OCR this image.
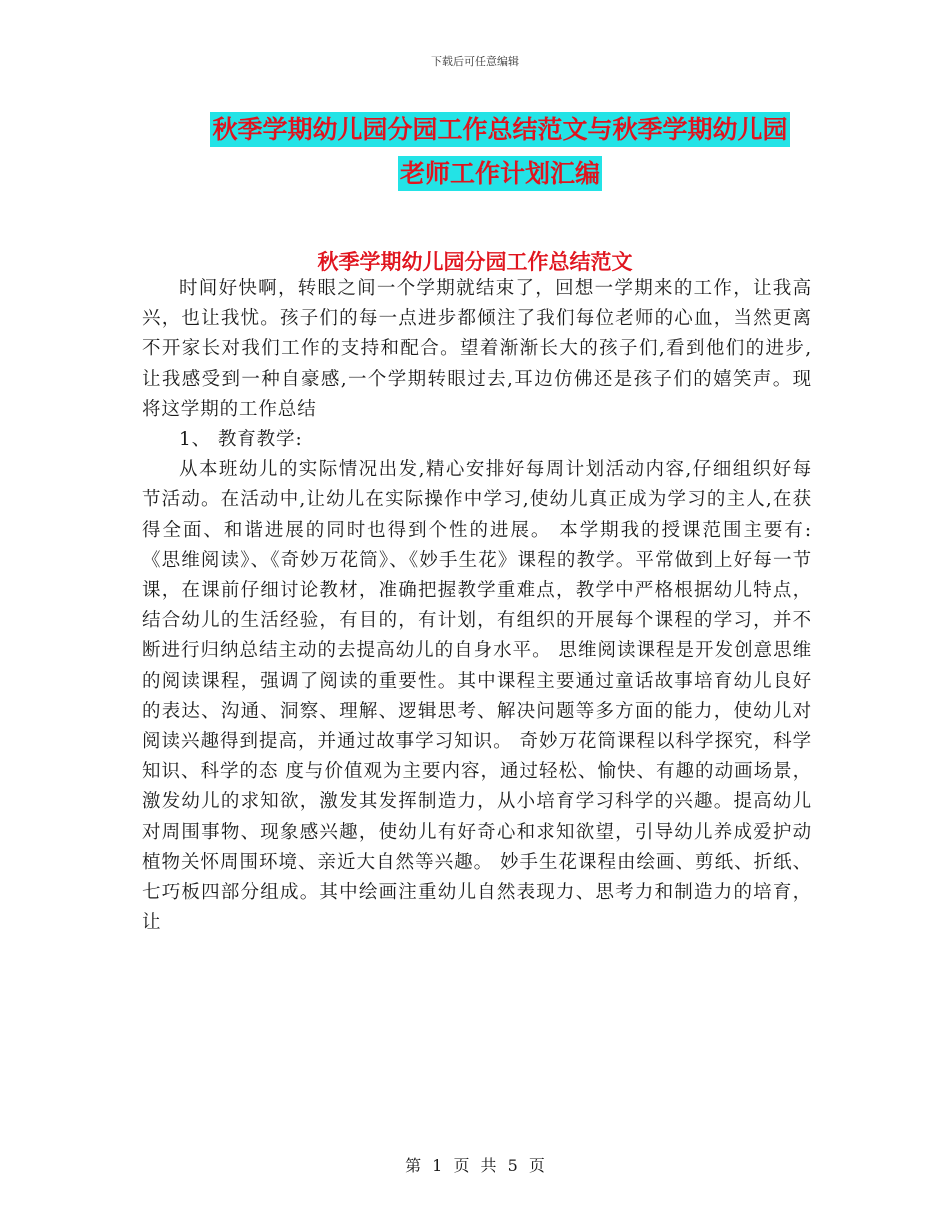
下载后可任意编辑
秋季学期幼儿园分园工作总结范文与秋季学期幼儿园
老师工作计划汇编
秋季学期幼儿园分园工作总结范文

时间好快啊，转眼之间一个学期就结束了，回想一学期来的工作，让我高兴，也让我忧。孩子们的每一点进步都倾注了我们每位老师的心血，当然更离不开家长对我们工作的支持和配合。望着渐渐长大的孩子们,看到他们的进步,让我感受到一种自豪感,一个学期转眼过去,耳边仿佛还是孩子们的嬉笑声。现将这学期的工作总结

1、 教育教学:

从本班幼儿的实际情况出发,精心安排好每周计划活动内容,仔细组织好每节活动。在活动中,让幼儿在实际操作中学习,使幼儿真正成为学习的主人,在获得全面、和谐进展的同时也得到个性的进展。 本学期我的授课范围主要有:《思维阅读》、《奇妙万花筒》、《妙手生花》课程的教学。平常做到上好每一节课，在课前仔细讨论教材，准确把握教学重难点，教学中严格根据幼儿特点，结合幼儿的生活经验，有目的，有计划，有组织的开展每个课程的学习，并不断进行归纳总结主动的去提高幼儿的自身水平。 思维阅读课程是开发创意思维的阅读课程，强调了阅读的重要性。其中课程主要通过童话故事培育幼儿良好的表达、沟通、洞察、理解、逻辑思考、解决问题等多方面的能力，使幼儿对阅读兴趣得到提高，并通过故事学习知识。 奇妙万花筒课程以科学探究，科学知识、科学的态 度与价值观为主要内容，通过轻松、愉快、有趣的动画场景，激发幼儿的求知欲，激发其发挥制造力，从小培育学习科学的兴趣。提高幼儿对周围事物、现象感兴趣，使幼儿有好奇心和求知欲望，引导幼儿养成爱护动植物关怀周围环境、亲近大自然等兴趣。 妙手生花课程由绘画、剪纸、折纸、七巧板四部分组成。其中绘画注重幼儿自然表现力、思考力和制造力的培育，让

第 1 页 共 5 页
